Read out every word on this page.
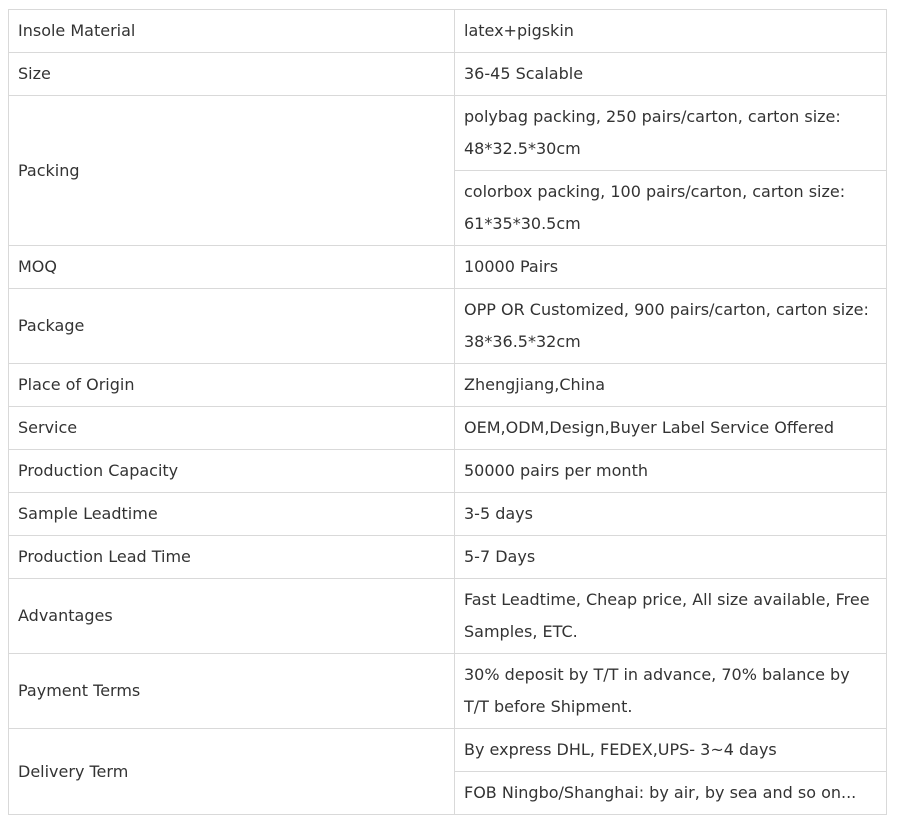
Insole Material	latex+pigskin
Size	36-45 Scalable
Packing	polybag packing, 250 pairs/carton, carton size: 48*32.5*30cm
	colorbox packing, 100 pairs/carton, carton size: 61*35*30.5cm
MOQ	10000 Pairs
Package	OPP OR Customized, 900 pairs/carton, carton size: 38*36.5*32cm
Place of Origin	Zhengjiang,China
Service	OEM,ODM,Design,Buyer Label Service Offered
Production Capacity	50000 pairs per month
Sample Leadtime	3-5 days
Production Lead Time	5-7 Days
Advantages	Fast Leadtime, Cheap price, All size available, Free Samples, ETC.
Payment Terms	30% deposit by T/T in advance, 70% balance by T/T before Shipment.
Delivery Term	By express DHL, FEDEX,UPS- 3~4 days
	FOB Ningbo/Shanghai: by air, by sea and so on...
